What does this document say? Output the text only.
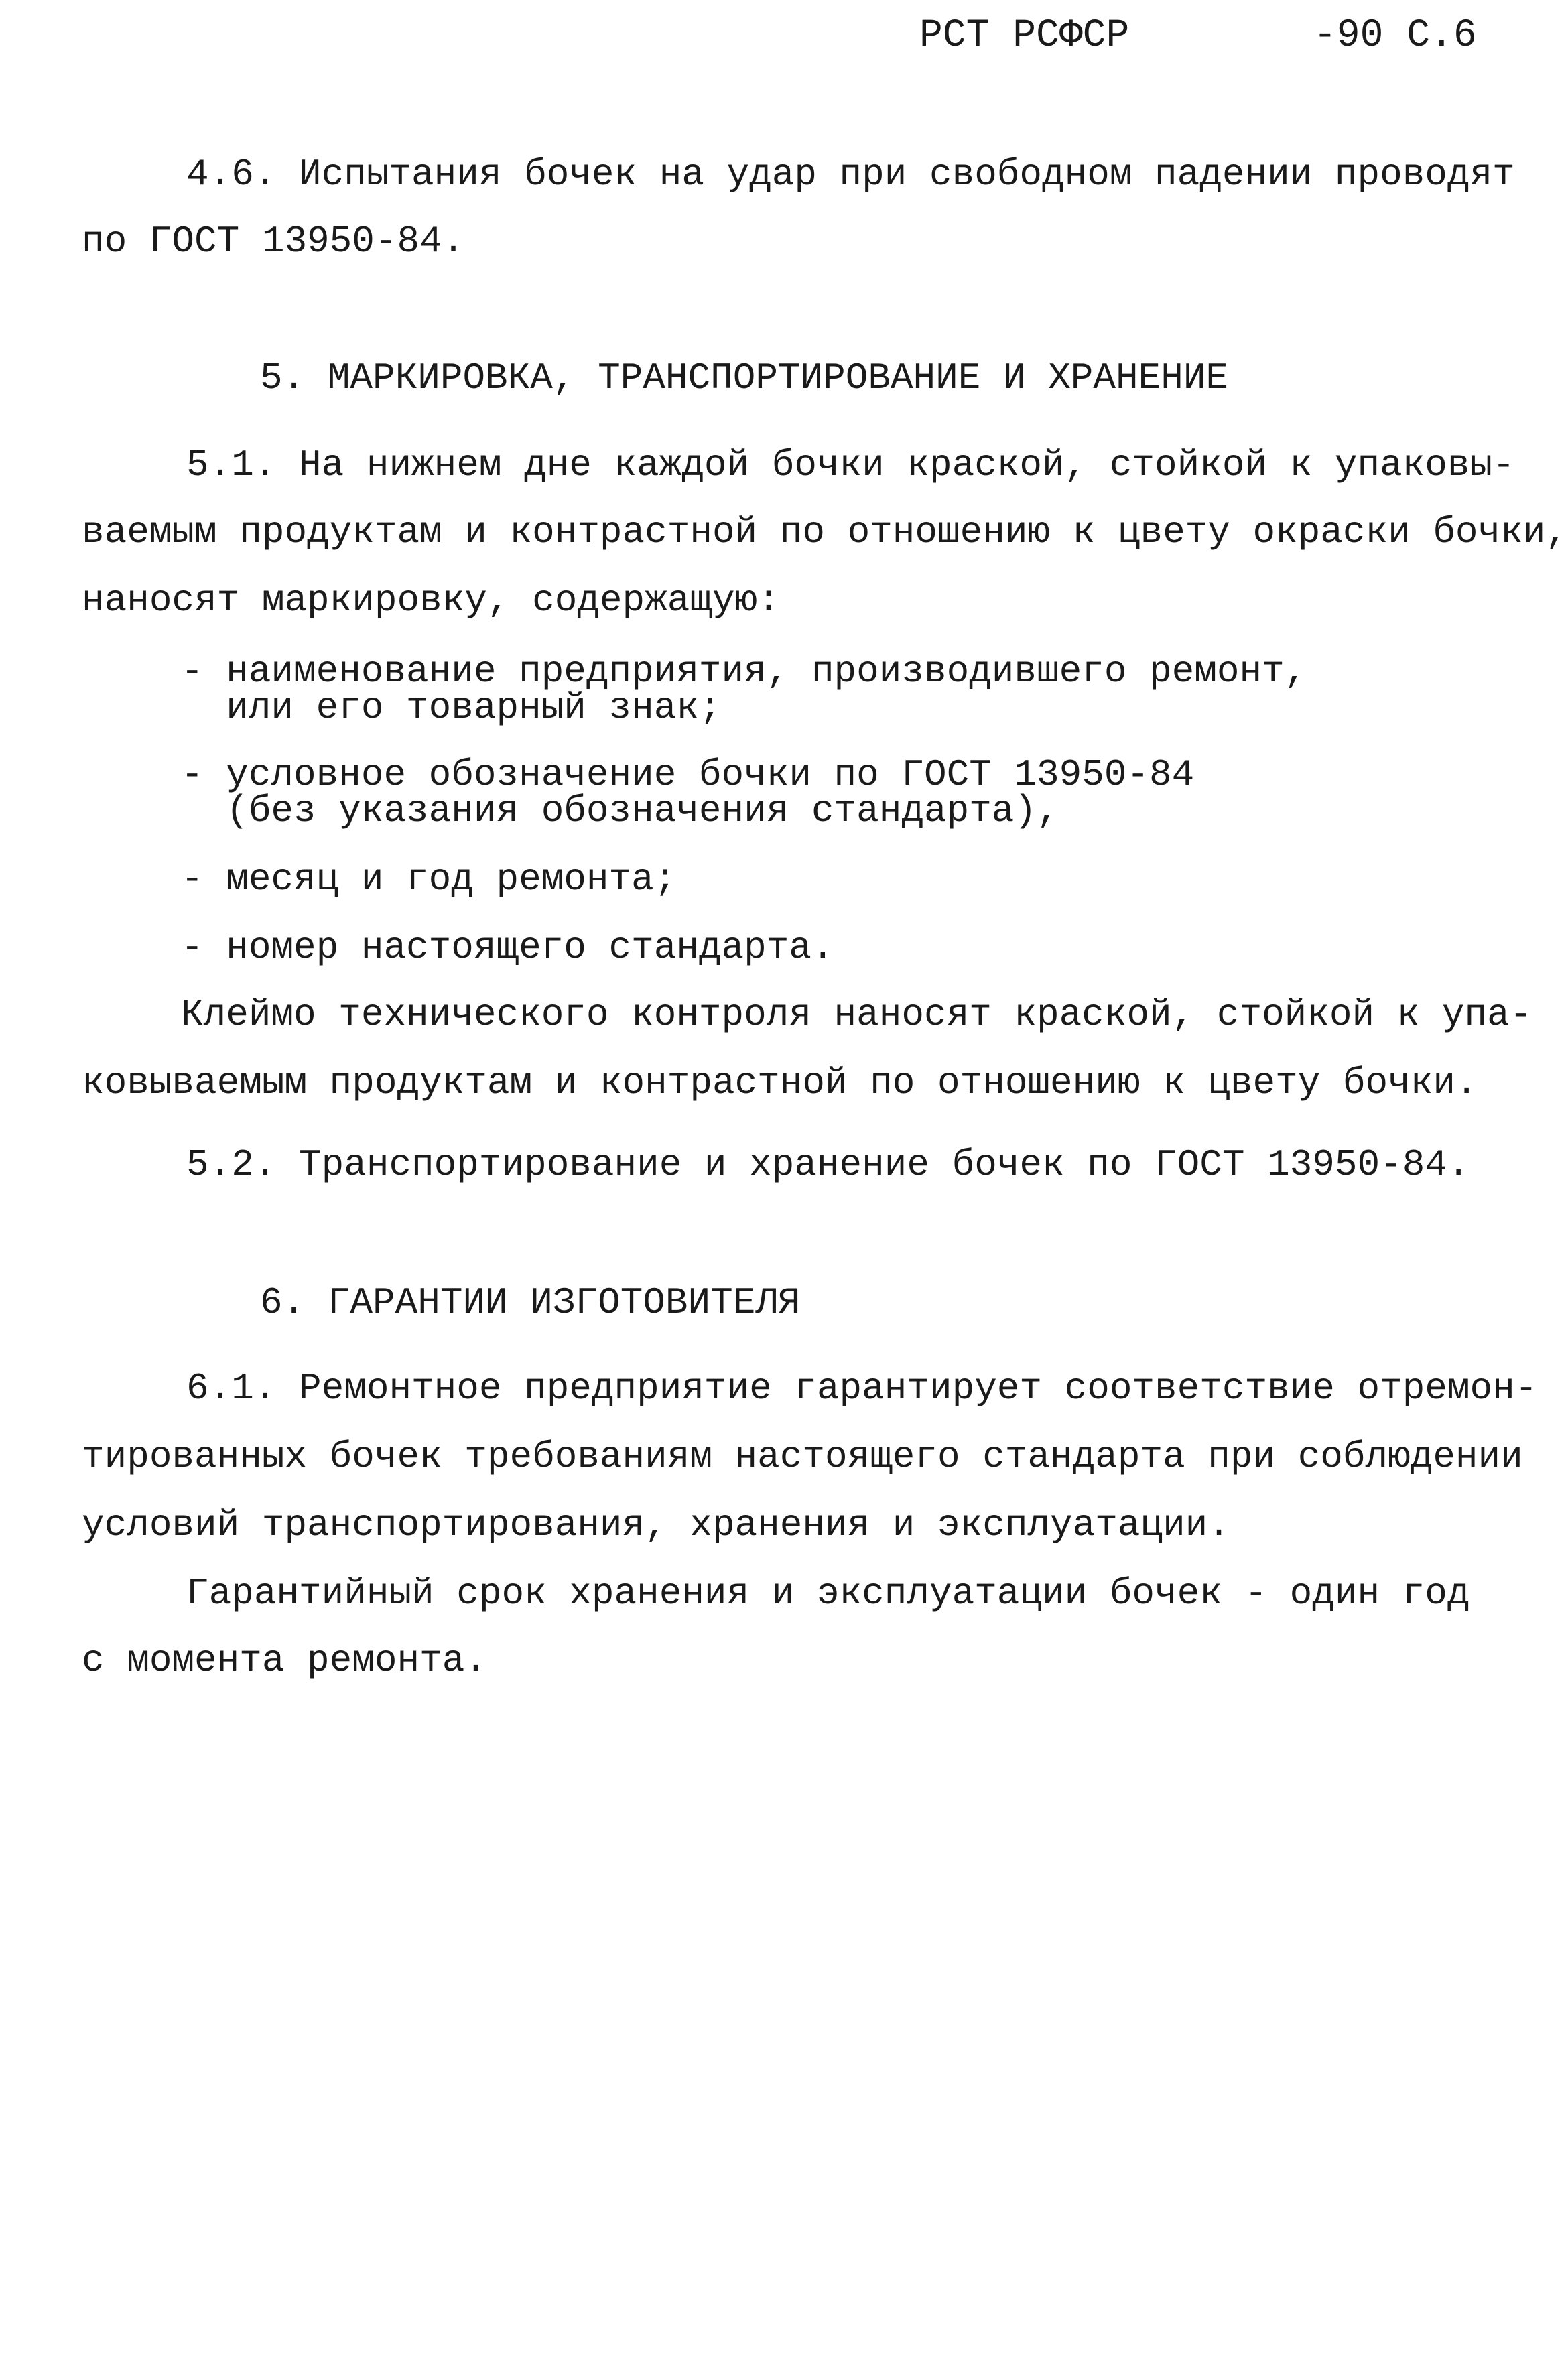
РСТ РСФСР	-90 С.6
4.6. Испытания бочек на удар при свободном падении проводят
по ГОСТ 13950-84.
5. МАРКИРОВКА, ТРАНСПОРТИРОВАНИЕ И ХРАНЕНИЕ
5.1. На нижнем дне каждой бочки краской, стойкой к упаковы-
ваемым продуктам и контрастной по отношению к цвету окраски бочки,
наносят маркировку, содержащую:
- наименование предприятия, производившего ремонт,
или его товарный знак;
- условное обозначение бочки по ГОСТ 13950-84
(без указания обозначения стандарта),
- месяц и год ремонта;
- номер настоящего стандарта.
Клеймо технического контроля наносят краской, стойкой к упа-
ковываемым продуктам и контрастной по отношению к цвету бочки.
5.2. Транспортирование и хранение бочек по ГОСТ 13950-84.
6. ГАРАНТИИ ИЗГОТОВИТЕЛЯ
6.1. Ремонтное предприятие гарантирует соответствие отремон-
тированных бочек требованиям настоящего стандарта при соблюдении
условий транспортирования, хранения и эксплуатации.
Гарантийный срок хранения и эксплуатации бочек - один год
с момента ремонта.
